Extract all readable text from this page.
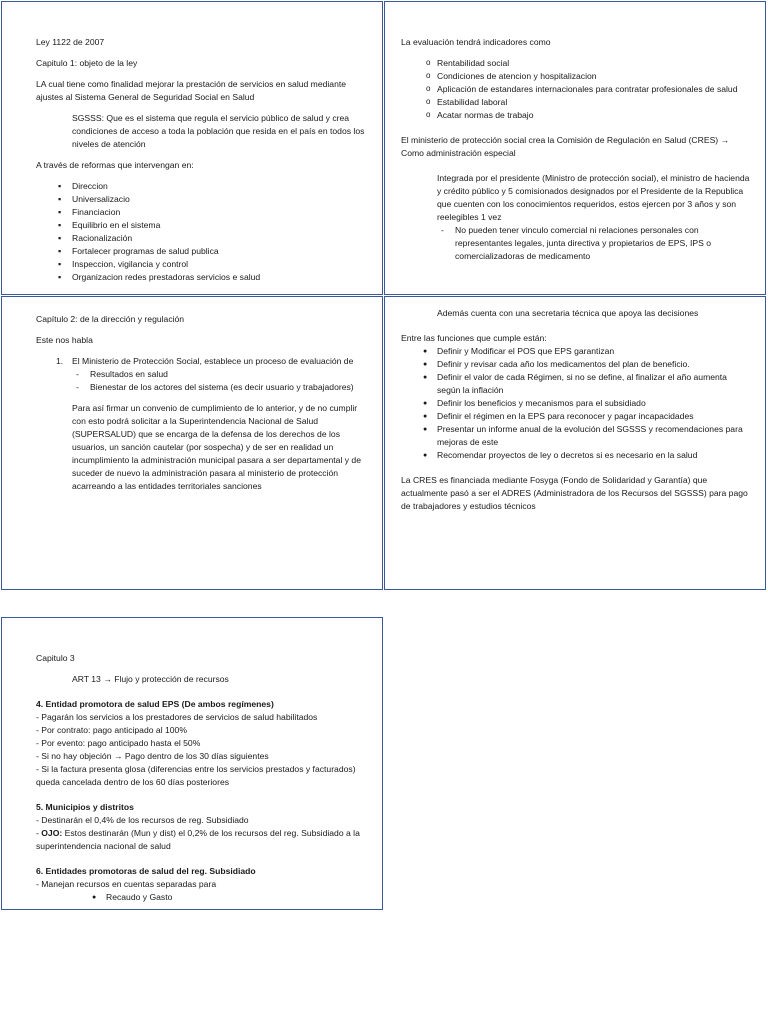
Ley 1122 de 2007

Capitulo 1: objeto de la ley

LA cual tiene como finalidad mejorar la prestación de servicios en salud mediante ajustes al Sistema General de Seguridad Social en Salud

SGSSS: Que es el sistema que regula el servicio público de salud y crea condiciones de acceso a toda la población que resida en el país en todos los niveles de atención

A través de reformas que intervengan en:

▪ Direccion
▪ Universalizacio
▪ Financiacion
▪ Equilibrio en el sistema
▪ Racionalización
▪ Fortalecer programas de salud publica
▪ Inspeccion, vigilancia y control
▪ Organizacion redes prestadoras servicios e salud

La evaluación tendrá indicadores como

o Rentabilidad social
o Condiciones de atencion y hospitalizacion
o Aplicación de estandares internacionales para contratar profesionales de salud
o Estabilidad laboral
o Acatar normas de trabajo

El ministerio de protección social crea la Comisión de Regulación en Salud (CRES) → Como administración especial

Integrada por el presidente (Ministro de protección social), el ministro de hacienda y crédito público y 5 comisionados designados por el Presidente de la Republica que cuenten con los conocimientos requeridos, estos ejercen por 3 años y son reelegibles 1 vez

- No pueden tener vinculo comercial ni relaciones personales con representantes legales, junta directiva y propietarios de EPS, IPS o comercializadoras de medicamento

Capítulo 2: de la dirección y regulación

Este nos habla

1. El Ministerio de Protección Social, establece un proceso de evaluación de
- Resultados en salud
- Bienestar de los actores del sistema (es decir usuario y trabajadores)

Para así firmar un convenio de cumplimiento de lo anterior, y de no cumplir con esto podrá solicitar a la Superintendencia Nacional de Salud (SUPERSALUD) que se encarga de la defensa de los derechos de los usuarios, un sanción cautelar (por sospecha) y de ser en realidad un incumplimiento la administración municipal pasara a ser departamental y de suceder de nuevo la administración pasara al ministerio de protección acarreando a las entidades territoriales sanciones

Además cuenta con una secretaria técnica que apoya las decisiones

Entre las funciones que cumple están:

● Definir y Modificar el POS que EPS garantizan
● Definir y revisar cada año los medicamentos del plan de beneficio.
● Definir el valor de cada Régimen, si no se define, al finalizar el año aumenta según la inflación
● Definir los beneficios y mecanismos para el subsidiado
● Definir el régimen en la EPS para reconocer y pagar incapacidades
● Presentar un informe anual de la evolución del SGSSS y recomendaciones para mejoras de este
● Recomendar proyectos de ley o decretos si es necesario en la salud

La CRES es financiada mediante Fosyga (Fondo de Solidaridad y Garantía) que actualmente pasó a ser el ADRES (Administradora de los Recursos del SGSSS) para pago de trabajadores y estudios técnicos

Capitulo 3

ART 13 → Flujo y protección de recursos

4. Entidad promotora de salud EPS (De ambos regímenes)

- Pagarán los servicios a los prestadores de servicios de salud habilitados

- Por contrato: pago anticipado al 100%

- Por evento: pago anticipado hasta el 50%

- Si no hay objeción → Pago dentro de los 30 días siguientes

- Si la factura presenta glosa (diferencias entre los servicios prestados y facturados) queda cancelada dentro de los 60 días posteriores

5. Municipios y distritos

- Destinarán el 0,4% de los recursos de reg. Subsidiado

- OJO: Estos destinarán (Mun y dist) el 0,2% de los recursos del reg. Subsidiado a la superintendencia nacional de salud

6. Entidades promotoras de salud del reg. Subsidiado

- Manejan recursos en cuentas separadas para

● Recaudo y Gasto
